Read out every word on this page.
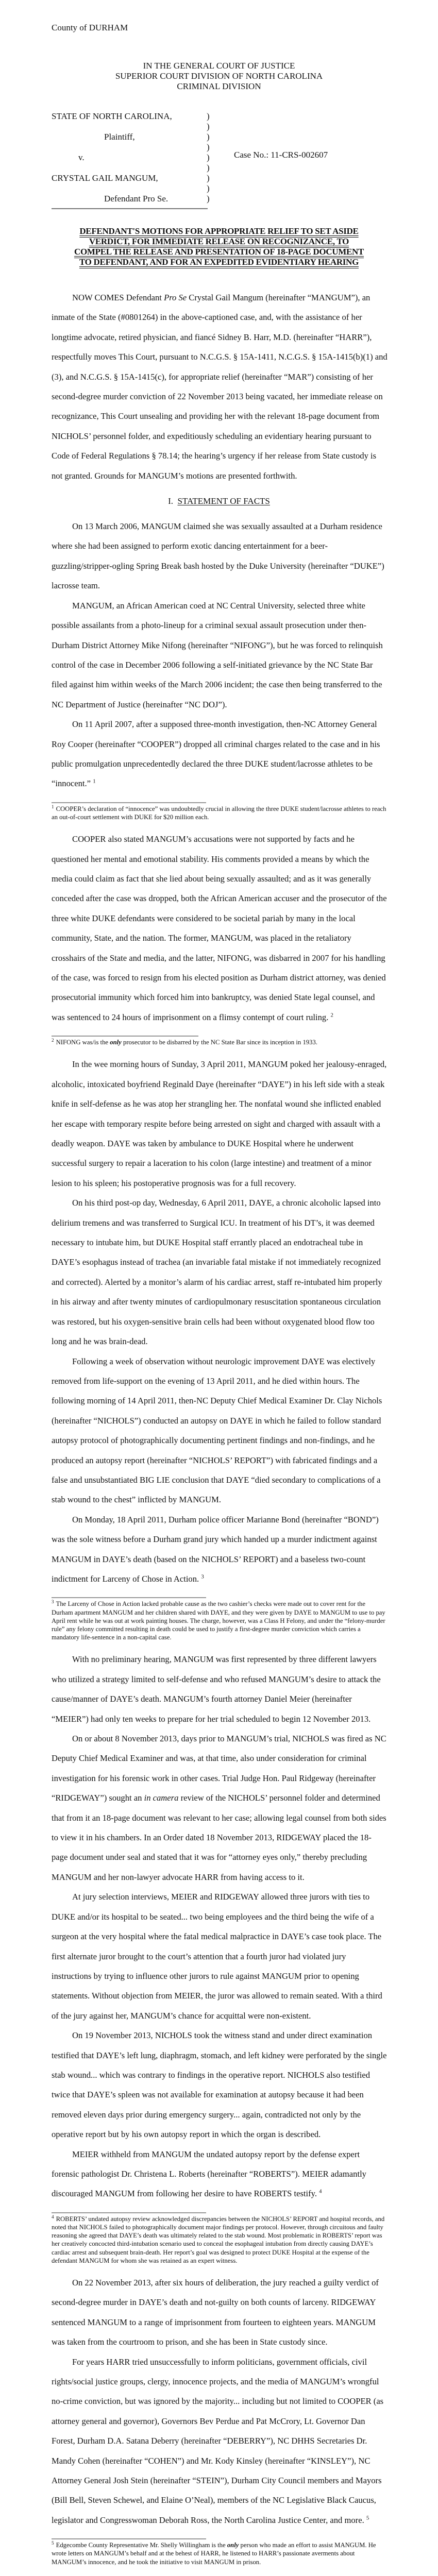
County of DURHAM
IN THE GENERAL COURT OF JUSTICE
SUPERIOR COURT DIVISION OF NORTH CAROLINA
CRIMINAL DIVISION
STATE OF NORTH CAROLINA,
Plaintiff,
v.
CRYSTAL GAIL MANGUM,
Defendant Pro Se.
)
)
)
)
)
)
)
)
)
Case No.: 11-CRS-002607
DEFENDANT'S MOTIONS FOR APPROPRIATE RELIEF TO SET ASIDE
VERDICT, FOR IMMEDIATE RELEASE ON RECOGNIZANCE, TO
COMPEL THE RELEASE AND PRESENTATION OF 18-PAGE DOCUMENT
TO DEFENDANT, AND FOR AN EXPEDITED EVIDENTIARY HEARING

NOW COMES Defendant Pro Se Crystal Gail Mangum (hereinafter “MANGUM”), an inmate of the State (#0801264) in the above-captioned case, and, with the assistance of her longtime advocate, retired physician, and fiancé Sidney B. Harr, M.D. (hereinafter “HARR”), respectfully moves This Court, pursuant to N.C.G.S. § 15A-1411, N.C.G.S. § 15A-1415(b)(1) and (3), and N.C.G.S. § 15A-1415(c), for appropriate relief (hereinafter “MAR”) consisting of her second-degree murder conviction of 22 November 2013 being vacated, her immediate release on recognizance, This Court unsealing and providing her with the relevant 18-page document from NICHOLS’ personnel folder, and expeditiously scheduling an evidentiary hearing pursuant to Code of Federal Regulations § 78.14; the hearing’s urgency if her release from State custody is not granted. Grounds for MANGUM’s motions are presented forthwith.

I. STATEMENT OF FACTS

On 13 March 2006, MANGUM claimed she was sexually assaulted at a Durham residence where she had been assigned to perform exotic dancing entertainment for a beer-guzzling/stripper-ogling Spring Break bash hosted by the Duke University (hereinafter “DUKE”) lacrosse team.

MANGUM, an African American coed at NC Central University, selected three white possible assailants from a photo-lineup for a criminal sexual assault prosecution under then-Durham District Attorney Mike Nifong (hereinafter “NIFONG”), but he was forced to relinquish control of the case in December 2006 following a self-initiated grievance by the NC State Bar filed against him within weeks of the March 2006 incident; the case then being transferred to the NC Department of Justice (hereinafter “NC DOJ”).

On 11 April 2007, after a supposed three-month investigation, then-NC Attorney General Roy Cooper (hereinafter “COOPER”) dropped all criminal charges related to the case and in his public promulgation unprecedentedly declared the three DUKE student/lacrosse athletes to be “innocent.” $^1$

$^1$ COOPER’s declaration of “innocence” was undoubtedly crucial in allowing the three DUKE student/lacrosse athletes to reach an out-of-court settlement with DUKE for $20 million each.

COOPER also stated MANGUM’s accusations were not supported by facts and he questioned her mental and emotional stability. His comments provided a means by which the media could claim as fact that she lied about being sexually assaulted; and as it was generally conceded after the case was dropped, both the African American accuser and the prosecutor of the three white DUKE defendants were considered to be societal pariah by many in the local community, State, and the nation. The former, MANGUM, was placed in the retaliatory crosshairs of the State and media, and the latter, NIFONG, was disbarred in 2007 for his handling of the case, was forced to resign from his elected position as Durham district attorney, was denied prosecutorial immunity which forced him into bankruptcy, was denied State legal counsel, and was sentenced to 24 hours of imprisonment on a flimsy contempt of court ruling. $^2$

$^2$ NIFONG was/is the only prosecutor to be disbarred by the NC State Bar since its inception in 1933.

In the wee morning hours of Sunday, 3 April 2011, MANGUM poked her jealousy-enraged, alcoholic, intoxicated boyfriend Reginald Daye (hereinafter “DAYE”) in his left side with a steak knife in self-defense as he was atop her strangling her. The nonfatal wound she inflicted enabled her escape with temporary respite before being arrested on sight and charged with assault with a deadly weapon. DAYE was taken by ambulance to DUKE Hospital where he underwent successful surgery to repair a laceration to his colon (large intestine) and treatment of a minor lesion to his spleen; his postoperative prognosis was for a full recovery.

On his third post-op day, Wednesday, 6 April 2011, DAYE, a chronic alcoholic lapsed into delirium tremens and was transferred to Surgical ICU. In treatment of his DT’s, it was deemed necessary to intubate him, but DUKE Hospital staff errantly placed an endotracheal tube in DAYE’s esophagus instead of trachea (an invariable fatal mistake if not immediately recognized and corrected). Alerted by a monitor’s alarm of his cardiac arrest, staff re-intubated him properly in his airway and after twenty minutes of cardiopulmonary resuscitation spontaneous circulation was restored, but his oxygen-sensitive brain cells had been without oxygenated blood flow too long and he was brain-dead.

Following a week of observation without neurologic improvement DAYE was electively removed from life-support on the evening of 13 April 2011, and he died within hours. The following morning of 14 April 2011, then-NC Deputy Chief Medical Examiner Dr. Clay Nichols (hereinafter “NICHOLS”) conducted an autopsy on DAYE in which he failed to follow standard autopsy protocol of photographically documenting pertinent findings and non-findings, and he produced an autopsy report (hereinafter “NICHOLS’ REPORT”) with fabricated findings and a false and unsubstantiated BIG LIE conclusion that DAYE “died secondary to complications of a stab wound to the chest” inflicted by MANGUM.

On Monday, 18 April 2011, Durham police officer Marianne Bond (hereinafter “BOND”) was the sole witness before a Durham grand jury which handed up a murder indictment against MANGUM in DAYE’s death (based on the NICHOLS’ REPORT) and a baseless two-count indictment for Larceny of Chose in Action. $^3$

$^3$ The Larceny of Chose in Action lacked probable cause as the two cashier’s checks were made out to cover rent for the Durham apartment MANGUM and her children shared with DAYE, and they were given by DAYE to MANGUM to use to pay April rent while he was out at work painting houses. The charge, however, was a Class H Felony, and under the “felony-murder rule” any felony committed resulting in death could be used to justify a first-degree murder conviction which carries a mandatory life-sentence in a non-capital case.

With no preliminary hearing, MANGUM was first represented by three different lawyers who utilized a strategy limited to self-defense and who refused MANGUM’s desire to attack the cause/manner of DAYE’s death. MANGUM’s fourth attorney Daniel Meier (hereinafter “MEIER”) had only ten weeks to prepare for her trial scheduled to begin 12 November 2013.

On or about 8 November 2013, days prior to MANGUM’s trial, NICHOLS was fired as NC Deputy Chief Medical Examiner and was, at that time, also under consideration for criminal investigation for his forensic work in other cases. Trial Judge Hon. Paul Ridgeway (hereinafter “RIDGEWAY”) sought an in camera review of the NICHOLS’ personnel folder and determined that from it an 18-page document was relevant to her case; allowing legal counsel from both sides to view it in his chambers. In an Order dated 18 November 2013, RIDGEWAY placed the 18-page document under seal and stated that it was for “attorney eyes only,” thereby precluding MANGUM and her non-lawyer advocate HARR from having access to it.

At jury selection interviews, MEIER and RIDGEWAY allowed three jurors with ties to DUKE and/or its hospital to be seated... two being employees and the third being the wife of a surgeon at the very hospital where the fatal medical malpractice in DAYE’s case took place. The first alternate juror brought to the court’s attention that a fourth juror had violated jury instructions by trying to influence other jurors to rule against MANGUM prior to opening statements. Without objection from MEIER, the juror was allowed to remain seated. With a third of the jury against her, MANGUM’s chance for acquittal were non-existent.

On 19 November 2013, NICHOLS took the witness stand and under direct examination testified that DAYE’s left lung, diaphragm, stomach, and left kidney were perforated by the single stab wound... which was contrary to findings in the operative report. NICHOLS also testified twice that DAYE’s spleen was not available for examination at autopsy because it had been removed eleven days prior during emergency surgery... again, contradicted not only by the operative report but by his own autopsy report in which the organ is described.

MEIER withheld from MANGUM the undated autopsy report by the defense expert forensic pathologist Dr. Christena L. Roberts (hereinafter “ROBERTS”). MEIER adamantly discouraged MANGUM from following her desire to have ROBERTS testify. $^4$

$^4$ ROBERTS’ undated autopsy review acknowledged discrepancies between the NICHOLS’ REPORT and hospital records, and noted that NICHOLS failed to photographically document major findings per protocol. However, through circuitous and faulty reasoning she agreed that DAYE’s death was ultimately related to the stab wound. Most problematic in ROBERTS’ report was her creatively concocted third-intubation scenario used to conceal the esophageal intubation from directly causing DAYE’s cardiac arrest and subsequent brain-death. Her report’s goal was designed to protect DUKE Hospital at the expense of the defendant MANGUM for whom she was retained as an expert witness.

On 22 November 2013, after six hours of deliberation, the jury reached a guilty verdict of second-degree murder in DAYE’s death and not-guilty on both counts of larceny. RIDGEWAY sentenced MANGUM to a range of imprisonment from fourteen to eighteen years. MANGUM was taken from the courtroom to prison, and she has been in State custody since.

For years HARR tried unsuccessfully to inform politicians, government officials, civil rights/social justice groups, clergy, innocence projects, and the media of MANGUM’s wrongful no-crime conviction, but was ignored by the majority... including but not limited to COOPER (as attorney general and governor), Governors Bev Perdue and Pat McCrory, Lt. Governor Dan Forest, Durham D.A. Satana Deberry (hereinafter “DEBERRY”), NC DHHS Secretaries Dr. Mandy Cohen (hereinafter “COHEN”) and Mr. Kody Kinsley (hereinafter “KINSLEY”), NC Attorney General Josh Stein (hereinafter “STEIN”), Durham City Council members and Mayors (Bill Bell, Steven Schewel, and Elaine O’Neal), members of the NC Legislative Black Caucus, legislator and Congresswoman Deborah Ross, the North Carolina Justice Center, and more. $^5$

$^5$ Edgecombe County Representative Mr. Shelly Willingham is the only person who made an effort to assist MANGUM. He wrote letters on MANGUM’s behalf and at the behest of HARR, he listened to HARR’s passionate averments about MANGUM’s innocence, and he took the initiative to visit MANGUM in prison.
